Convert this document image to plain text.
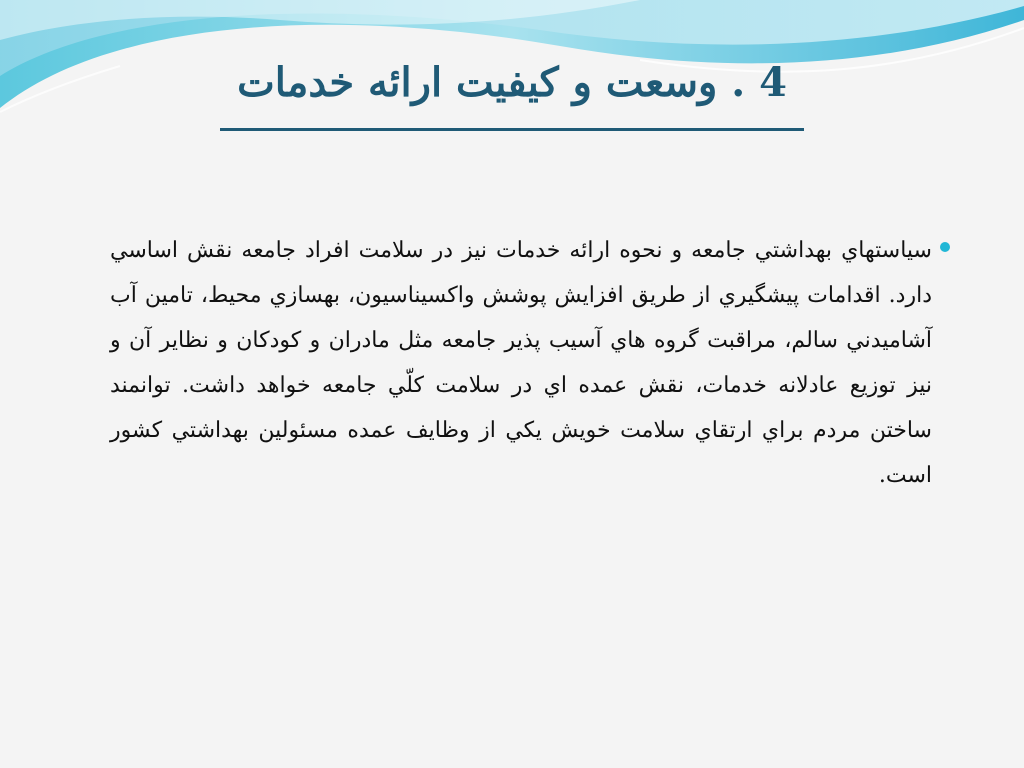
4 . وسعت و كيفيت ارائه خدمات
سياستهاي بهداشتي جامعه و نحوه ارائه خدمات نيز در سلامت افراد جامعه نقش اساسي دارد. اقدامات پيشگيري از طريق افزايش پوشش واكسيناسيون، بهسازي محيط، تامين آب آشاميدني سالم، مراقبت گروه هاي آسيب پذير جامعه مثل مادران و كودكان و نظاير آن و نيز توزيع عادلانه خدمات، نقش عمده اي در سلامت كلّي جامعه خواهد داشت. توانمند ساختن مردم براي ارتقاي سلامت خويش يكي از وظايف عمده مسئولين بهداشتي كشور است.
